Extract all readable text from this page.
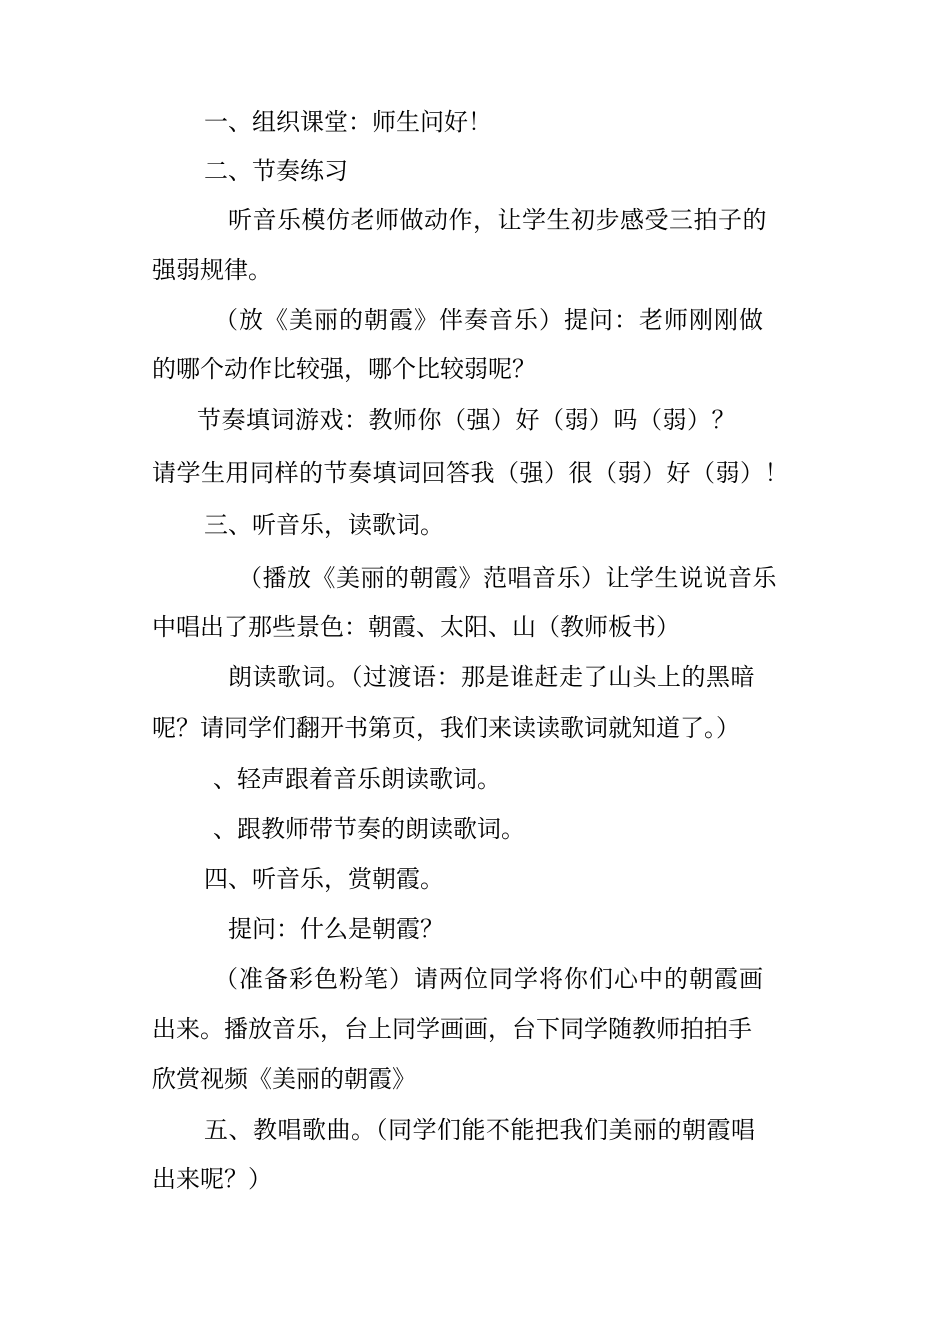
一、组织课堂：师生问好！

二、节奏练习

听音乐模仿老师做动作，让学生初步感受三拍子的

强弱规律。

（放《美丽的朝霞》伴奏音乐）提问：老师刚刚做

的哪个动作比较强，哪个比较弱呢？

节奏填词游戏：教师你（强）好（弱）吗（弱）？

请学生用同样的节奏填词回答我（强）很（弱）好（弱）！

三、听音乐，读歌词。

（播放《美丽的朝霞》范唱音乐）让学生说说音乐

中唱出了那些景色：朝霞、太阳、山（教师板书）

朗读歌词。（过渡语：那是谁赶走了山头上的黑暗

呢？请同学们翻开书第页，我们来读读歌词就知道了。）

、轻声跟着音乐朗读歌词。

、跟教师带节奏的朗读歌词。

四、听音乐，赏朝霞。

提问：什么是朝霞？

（准备彩色粉笔）请两位同学将你们心中的朝霞画

出来。播放音乐，台上同学画画，台下同学随教师拍拍手

欣赏视频《美丽的朝霞》

五、教唱歌曲。（同学们能不能把我们美丽的朝霞唱

出来呢？）
